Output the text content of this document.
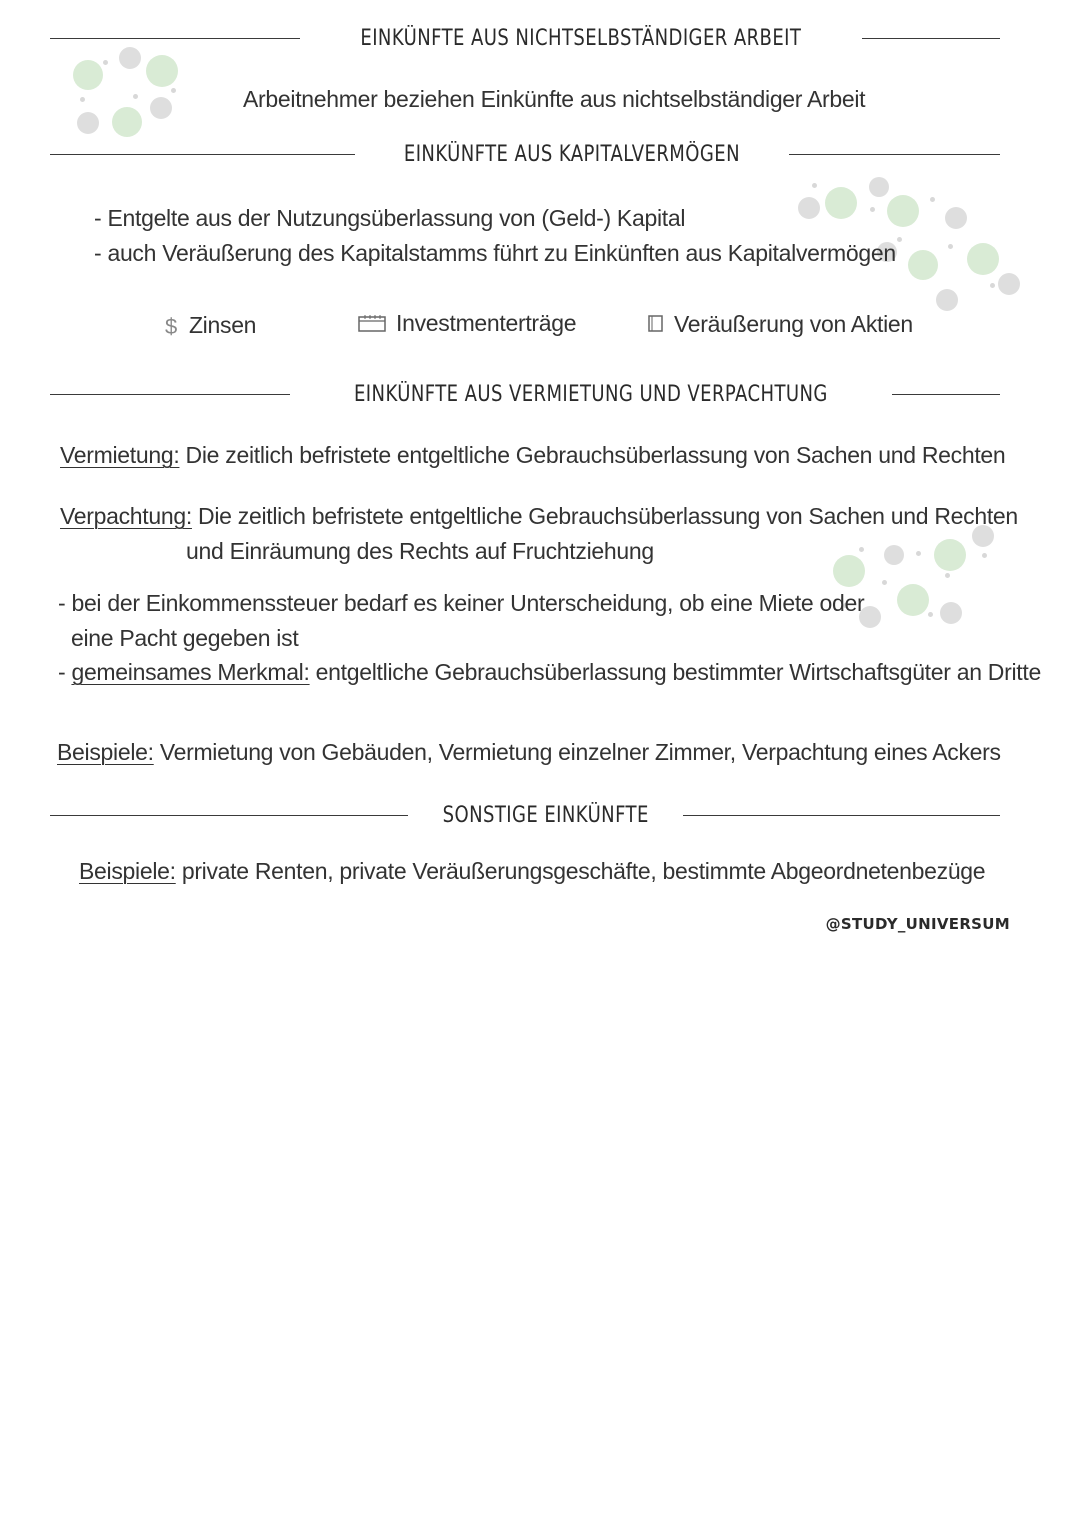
EINKÜNFTE AUS NICHTSELBSTÄNDIGER ARBEIT
Arbeitnehmer beziehen Einkünfte aus nichtselbständiger Arbeit
EINKÜNFTE AUS KAPITALVERMÖGEN
- Entgelte aus der Nutzungsüberlassung von (Geld-) Kapital
- auch Veräußerung des Kapitalstamms führt zu Einkünften aus Kapitalvermögen
$ Zinsen	Investmenterträge	Veräußerung von Aktien
EINKÜNFTE AUS VERMIETUNG UND VERPACHTUNG
Vermietung: Die zeitlich befristete entgeltliche Gebrauchsüberlassung von Sachen und Rechten
Verpachtung: Die zeitlich befristete entgeltliche Gebrauchsüberlassung von Sachen und Rechten
und Einräumung des Rechts auf Fruchtziehung
- bei der Einkommenssteuer bedarf es keiner Unterscheidung, ob eine Miete oder
eine Pacht gegeben ist
- gemeinsames Merkmal: entgeltliche Gebrauchsüberlassung bestimmter Wirtschaftsgüter an Dritte
Beispiele: Vermietung von Gebäuden, Vermietung einzelner Zimmer, Verpachtung eines Ackers
SONSTIGE EINKÜNFTE
Beispiele: private Renten, private Veräußerungsgeschäfte, bestimmte Abgeordnetenbezüge
@STUDY_UNIVERSUM
